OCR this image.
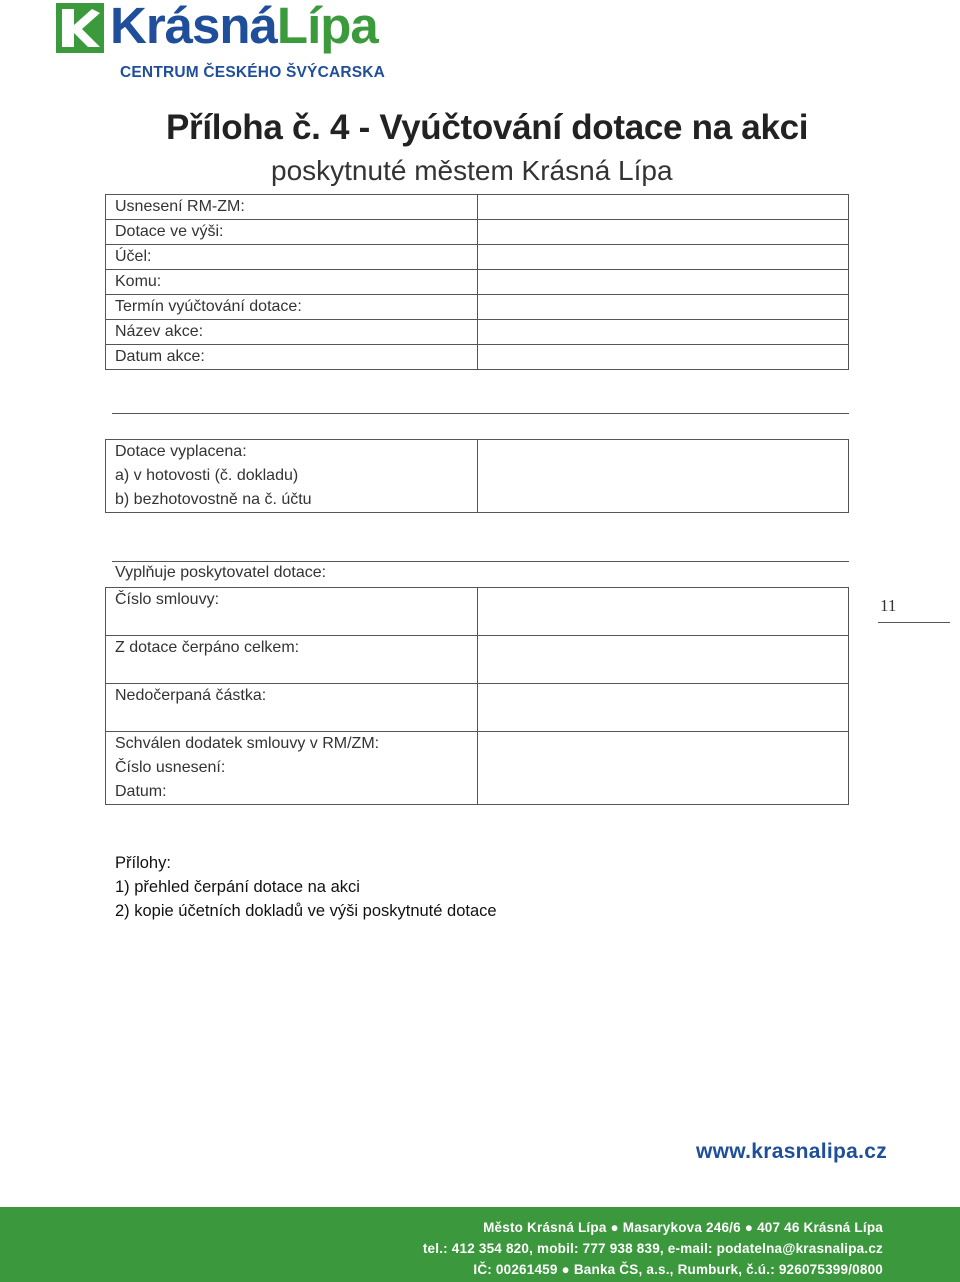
KrásnáLípa
CENTRUM ČESKÉHO ŠVÝCARSKA
Příloha č. 4 - Vyúčtování dotace na akci
poskytnuté městem Krásná Lípa
Usnesení RM-ZM:	
Dotace ve výši:	
Účel:	
Komu:	
Termín vyúčtování dotace:	
Název akce:	
Datum akce:	
Dotace vyplacena:
a) v hotovosti (č. dokladu)
b) bezhotovostně na č. účtu

Vyplňuje poskytovatel dotace:
Číslo smlouvy:	
Z dotace čerpáno celkem:	
Nedočerpaná částka:	

Schválen dodatek smlouvy v RM/ZM:
Číslo usnesení:
Datum:	

11
Přílohy:
1) přehled čerpání dotace na akci
2) kopie účetních dokladů ve výši poskytnuté dotace
www.krasnalipa.cz
Město Krásná Lípa ● Masarykova 246/6 ● 407 46 Krásná Lípa
tel.: 412 354 820, mobil: 777 938 839, e-mail: podatelna@krasnalipa.cz
IČ: 00261459 ● Banka ČS, a.s., Rumburk, č.ú.: 926075399/0800
